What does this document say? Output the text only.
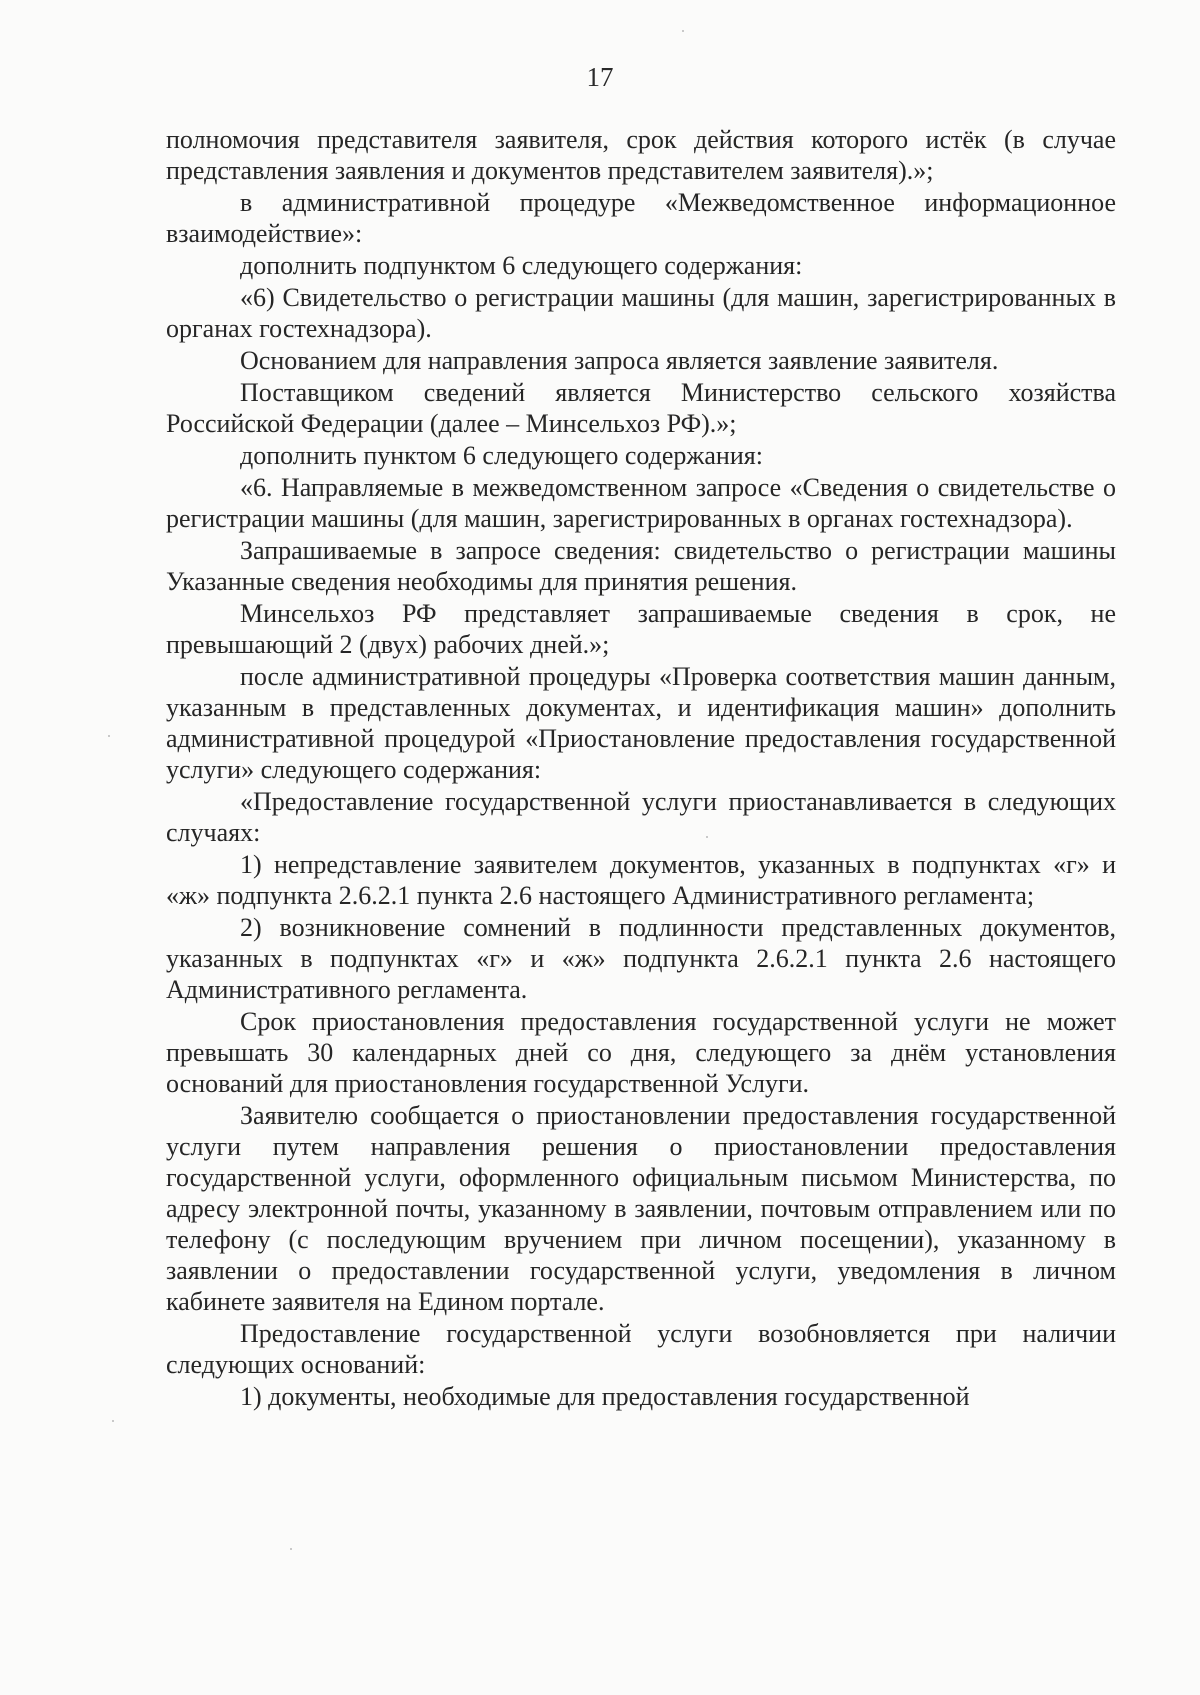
17

полномочия представителя заявителя, срок действия которого истёк (в случае представления заявления и документов представителем заявителя).»;

в административной процедуре «Межведомственное информационное взаимодействие»:

дополнить подпунктом 6 следующего содержания:

«6) Свидетельство о регистрации машины (для машин, зарегистрированных в органах гостехнадзора).

Основанием для направления запроса является заявление заявителя.

Поставщиком сведений является Министерство сельского хозяйства Российской Федерации (далее – Минсельхоз РФ).»;

дополнить пунктом 6 следующего содержания:

«6. Направляемые в межведомственном запросе «Сведения о свидетельстве о регистрации машины (для машин, зарегистрированных в органах гостехнадзора).

Запрашиваемые в запросе сведения: свидетельство о регистрации машины Указанные сведения необходимы для принятия решения.

Минсельхоз РФ представляет запрашиваемые сведения в срок, не превышающий 2 (двух) рабочих дней.»;

после административной процедуры «Проверка соответствия машин данным, указанным в представленных документах, и идентификация машин» дополнить административной процедурой «Приостановление предоставления государственной услуги» следующего содержания:

«Предоставление государственной услуги приостанавливается в следующих случаях:

1) непредставление заявителем документов, указанных в подпунктах «г» и «ж» подпункта 2.6.2.1 пункта 2.6 настоящего Административного регламента;

2) возникновение сомнений в подлинности представленных документов, указанных в подпунктах «г» и «ж» подпункта 2.6.2.1 пункта 2.6 настоящего Административного регламента.

Срок приостановления предоставления государственной услуги не может превышать 30 календарных дней со дня, следующего за днём установления оснований для приостановления государственной Услуги.

Заявителю сообщается о приостановлении предоставления государственной услуги путем направления решения о приостановлении предоставления государственной услуги, оформленного официальным письмом Министерства, по адресу электронной почты, указанному в заявлении, почтовым отправлением или по телефону (с последующим вручением при личном посещении), указанному в заявлении о предоставлении государственной услуги, уведомления в личном кабинете заявителя на Едином портале.

Предоставление государственной услуги возобновляется при наличии следующих оснований:

1) документы, необходимые для предоставления государственной
